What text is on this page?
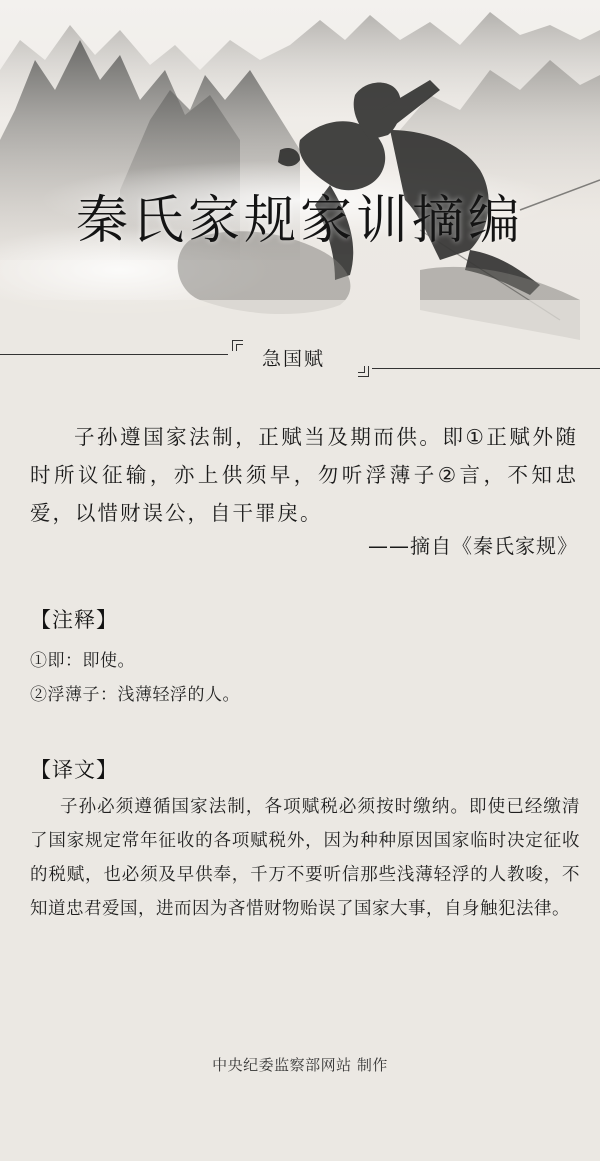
秦氏家规家训摘编
急国赋
子孙遵国家法制，正赋当及期而供。即①正赋外随时所议征输，亦上供须早，勿听浮薄子②言，不知忠爱，以惜财误公，自干罪戾。
——摘自《秦氏家规》
【注释】
①即：即使。
②浮薄子：浅薄轻浮的人。
【译文】
子孙必须遵循国家法制，各项赋税必须按时缴纳。即使已经缴清了国家规定常年征收的各项赋税外，因为种种原因国家临时决定征收的税赋，也必须及早供奉，千万不要听信那些浅薄轻浮的人教唆，不知道忠君爱国，进而因为吝惜财物贻误了国家大事，自身触犯法律。
中央纪委监察部网站 制作
